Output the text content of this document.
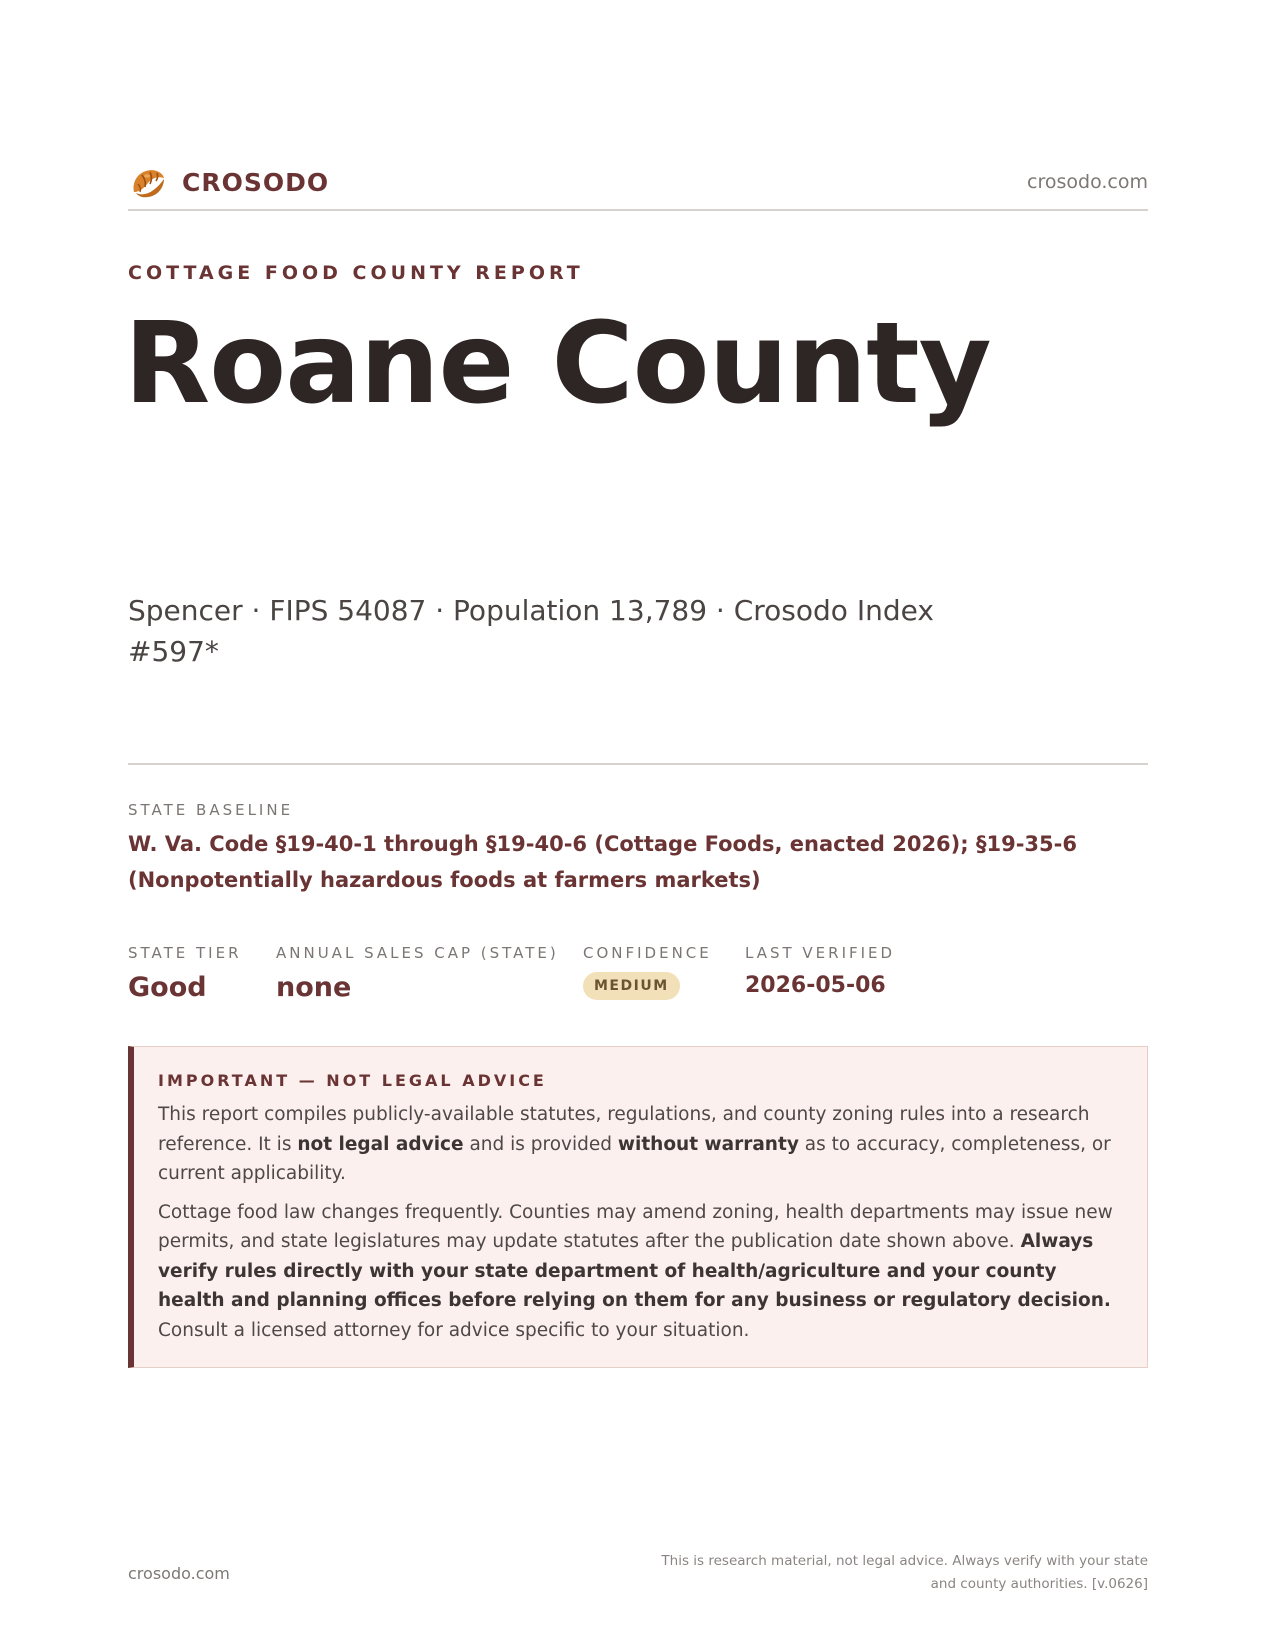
CROSODO	crosodo.com
COTTAGE FOOD COUNTY REPORT
Roane County
Spencer · FIPS 54087 · Population 13,789 · Crosodo Index #597*
STATE BASELINE
W. Va. Code §19-40-1 through §19-40-6 (Cottage Foods, enacted 2026); §19-35-6 (Nonpotentially hazardous foods at farmers markets)
STATE TIER
Good
ANNUAL SALES CAP (STATE)
none
CONFIDENCE
MEDIUM
LAST VERIFIED
2026-05-06
IMPORTANT — NOT LEGAL ADVICE

This report compiles publicly-available statutes, regulations, and county zoning rules into a research reference. It is not legal advice and is provided without warranty as to accuracy, completeness, or current applicability.

Cottage food law changes frequently. Counties may amend zoning, health departments may issue new permits, and state legislatures may update statutes after the publication date shown above. Always verify rules directly with your state department of health/agriculture and your county health and planning offices before relying on them for any business or regulatory decision. Consult a licensed attorney for advice specific to your situation.

crosodo.com
This is research material, not legal advice. Always verify with your state
and county authorities. [v.0626]
